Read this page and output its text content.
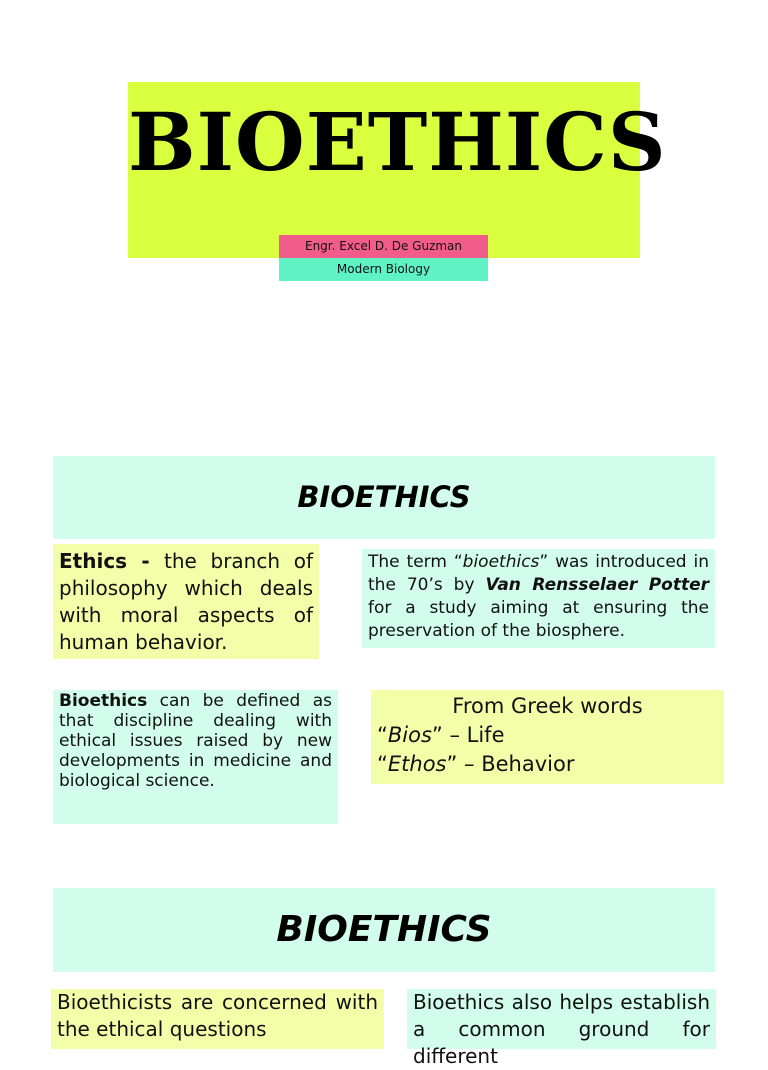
BIOETHICS
Engr. Excel D. De Guzman
Modern Biology
BIOETHICS
Ethics - the branch of philosophy which deals with moral aspects of human behavior.
The term “bioethics” was introduced in the 70’s by Van Rensselaer Potter for a study aiming at ensuring the preservation of the biosphere.
Bioethics can be defined as that discipline dealing with ethical issues raised by new developments in medicine and biological science.
From Greek words
“Bios” – Life
“Ethos” – Behavior
BIOETHICS
Bioethicists are concerned with the ethical questions
Bioethics also helps establish a common ground for different
